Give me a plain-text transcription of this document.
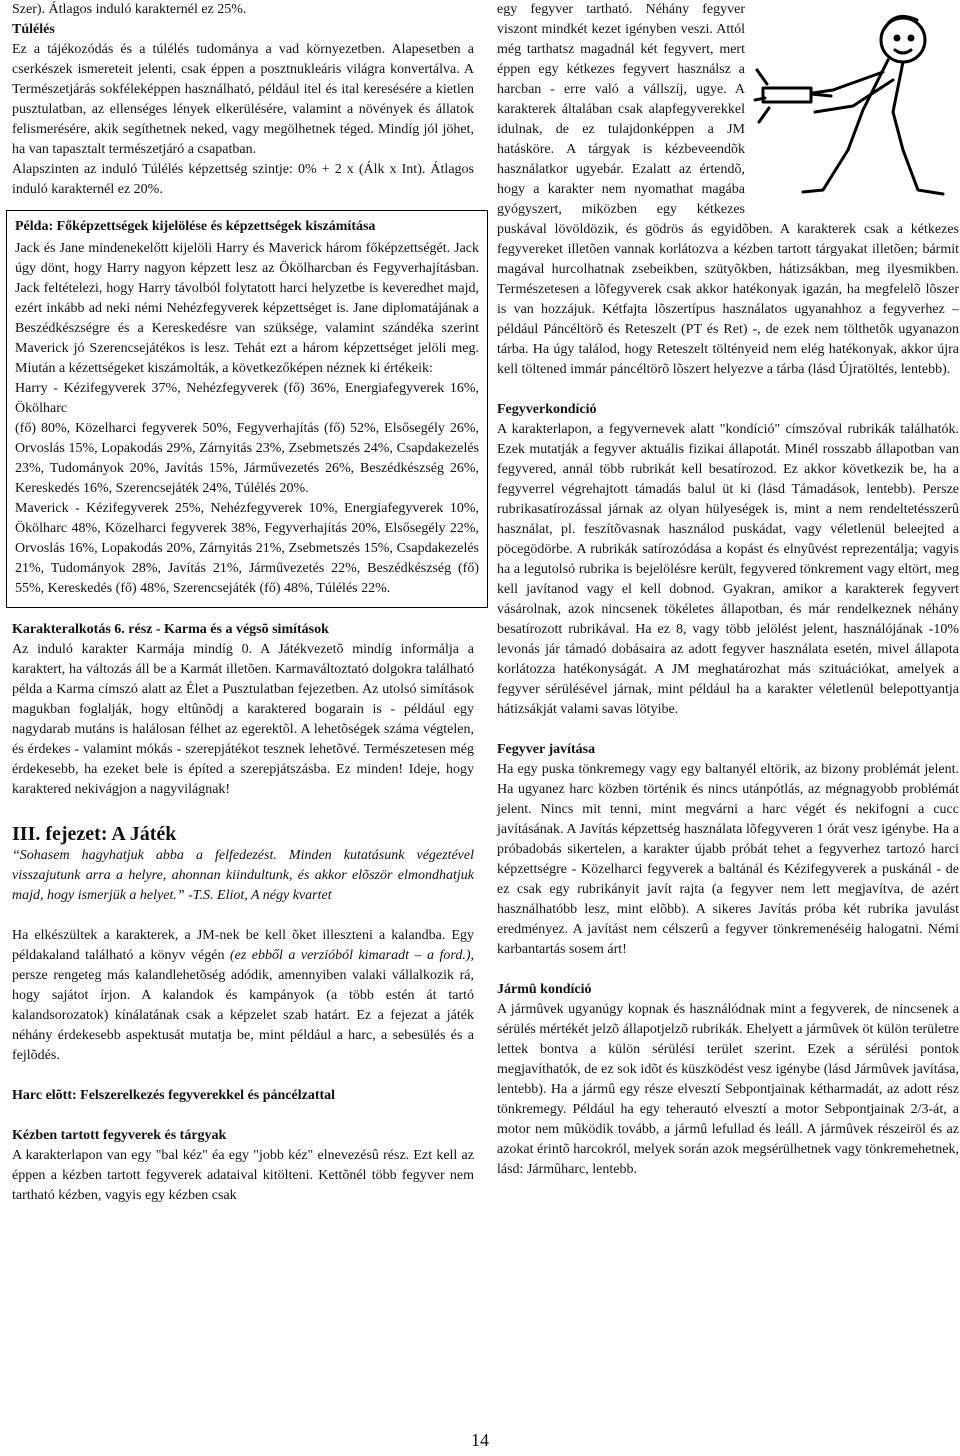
Szer). Átlagos induló karakternél ez 25%.

Túlélés

Ez a tájékozódás és a túlélés tudománya a vad környezetben. Alapesetben a cserkészek ismereteit jelenti, csak éppen a posztnukleáris világra konvertálva. A Természetjárás sokféleképpen használható, például itel és ital keresésére a kietlen pusztulatban, az ellenséges lények elkerülésére, valamint a növények és állatok felismerésére, akik segíthetnek neked, vagy megölhetnek téged. Mindíg jól jöhet, ha van tapasztalt természetjáró a csapatban.

Alapszinten az induló Túlélés képzettség szintje: 0% + 2 x (Álk x Int). Átlagos induló karakternél ez 20%.

Példa: Főképzettségek kijelölése és képzettségek kiszámítása

Jack és Jane mindenekelőtt kijelöli Harry és Maverick három főképzettségét. Jack úgy dönt, hogy Harry nagyon képzett lesz az Ökölharcban és Fegyverhajításban. Jack feltételezi, hogy Harry távolból folytatott harci helyzetbe is keveredhet majd, ezért inkább ad neki némi Nehézfegyverek képzettséget is. Jane diplomatájának a Beszédkészségre és a Kereskedésre van szüksége, valamint szándéka szerint Maverick jó Szerencsejátékos is lesz. Tehát ezt a három képzettséget jelöli meg. Miután a kézettségeket kiszámolták, a következőképen néznek ki értékeik:

Harry - Kézifegyverek 37%, Nehézfegyverek (fő) 36%, Energiafegyverek 16%, Ökölharc

(fő) 80%, Közelharci fegyverek 50%, Fegyverhajítás (fő) 52%, Elsősegély 26%, Orvoslás 15%, Lopakodás 29%, Zárnyitás 23%, Zsebmetszés 24%, Csapdakezelés 23%, Tudományok 20%, Javítás 15%, Járművezetés 26%, Beszédkészség 26%, Kereskedés 16%, Szerencsejáték 24%, Túlélés 20%.

Maverick - Kézifegyverek 25%, Nehézfegyverek 10%, Energiafegyverek 10%, Ökölharc 48%, Közelharci fegyverek 38%, Fegyverhajítás 20%, Elsősegély 22%, Orvoslás 16%, Lopakodás 20%, Zárnyitás 21%, Zsebmetszés 15%, Csapdakezelés 21%, Tudományok 28%, Javítás 21%, Járművezetés 22%, Beszédkészség (fő) 55%, Kereskedés (fő) 48%, Szerencsejáték (fő) 48%, Túlélés 22%.

Karakteralkotás 6. rész - Karma és a végsõ simítások

Az induló karakter Karmája mindíg 0. A Játékvezetõ mindíg informálja a karaktert, ha változás áll be a Karmát illetõen. Karmaváltoztató dolgokra található példa a Karma címszó alatt az Élet a Pusztulatban fejezetben. Az utolsó simítások magukban foglalják, hogy eltûnõdj a karaktered bogarain is - például egy nagydarab mutáns is halálosan félhet az egerektõl. A lehetõségek száma végtelen, és érdekes - valamint mókás - szerepjátékot tesznek lehetõvé. Természetesen még érdekesebb, ha ezeket bele is építed a szerepjátszásba. Ez minden! Ideje, hogy karaktered nekivágjon a nagyvilágnak!

III. fejezet: A Játék

“Sohasem hagyhatjuk abba a felfedezést. Minden kutatásunk végeztével visszajutunk arra a helyre, ahonnan kiindultunk, és akkor elõször elmondhatjuk majd, hogy ismerjük a helyet.” -T.S. Eliot, A négy kvartet

Ha elkészültek a karakterek, a JM-nek be kell õket illeszteni a kalandba. Egy példakaland található a könyv végén (ez ebből a verzióból kimaradt – a ford.), persze rengeteg más kalandlehetõség adódik, amennyiben valaki vállalkozik rá, hogy sajátot írjon. A kalandok és kampányok (a több estén át tartó kalandsorozatok) kínálatának csak a képzelet szab határt. Ez a fejezat a játék néhány érdekesebb aspektusát mutatja be, mint például a harc, a sebesülés és a fejlõdés.

Harc elõtt: Felszerelkezés fegyverekkel és páncélzattal

Kézben tartott fegyverek és tárgyak

A karakterlapon van egy "bal kéz" éa egy "jobb kéz" elnevezésû rész. Ezt kell az éppen a kézben tartott fegyverek adataival kitölteni. Kettõnél több fegyver nem tartható kézben, vagyis egy kézben csak

egy fegyver tartható. Néhány fegyver viszont mindkét kezet igényben veszi. Attól még tarthatsz magadnál két fegyvert, mert éppen egy kétkezes fegyvert használsz a harcban - erre való a vállszíj, ugye. A karakterek általában csak alapfegyverekkel idulnak, de ez tulajdonképpen a JM hatásköre. A tárgyak is kézbeveendõk használatkor ugyebár. Ezalatt az értendõ, hogy a karakter nem nyomathat magába gyógyszert, miközben egy kétkezes puskával lövöldözik, és gödrös ás egyidõben. A karakterek csak a kétkezes fegyvereket illetõen vannak korlátozva a kézben tartott tárgyakat illetõen; bármit magával hurcolhatnak zsebeikben, szütyõkben, hátizsákban, meg ilyesmikben. Természetesen a lõfegyverek csak akkor hatékonyak igazán, ha megfelelõ lõszer is van hozzájuk. Kétfajta lõszertípus használatos ugyanahhoz a fegyverhez – például Páncéltörõ és Reteszelt (PT és Ret) -, de ezek nem tölthetõk ugyanazon tárba. Ha úgy találod, hogy Reteszelt töltényeid nem elég hatékonyak, akkor újra kell töltened immár páncéltörõ lõszert helyezve a tárba (lásd Újratöltés, lentebb).

Fegyverkondíció

A karakterlapon, a fegyvernevek alatt "kondíció" címszóval rubrikák találhatók. Ezek mutatják a fegyver aktuális fizikai állapotát. Minél rosszabb állapotban van fegyvered, annál több rubrikát kell besatírozod. Ez akkor következik be, ha a fegyverrel végrehajtott támadás balul üt ki (lásd Támadások, lentebb). Persze rubrikasatírozással járnak az olyan hülyeségek is, mint a nem rendeltetésszerû használat, pl. feszítõvasnak használod puskádat, vagy véletlenül beleejted a pöcegödörbe. A rubrikák satírozódása a kopást és elnyûvést reprezentálja; vagyis ha a legutolsó rubrika is bejelölésre került, fegyvered tönkrement vagy eltört, meg kell javítanod vagy el kell dobnod. Gyakran, amikor a karakterek fegyvert vásárolnak, azok nincsenek tökéletes állapotban, és már rendelkeznek néhány besatírozott rubrikával. Ha ez 8, vagy több jelölést jelent, használójának -10% levonás jár támadó dobásaira az adott fegyver használata esetén, mivel állapota korlátozza hatékonyságát. A JM meghatározhat más szituációkat, amelyek a fegyver sérülésével járnak, mint például ha a karakter véletlenül belepottyantja hátizsákját valami savas lötyibe.

Fegyver javítása

Ha egy puska tönkremegy vagy egy baltanyél eltörik, az bizony problémát jelent. Ha ugyanez harc közben történik és nincs utánpótlás, az mégnagyobb problémát jelent. Nincs mit tenni, mint megvárni a harc végét és nekifogni a cucc javításának. A Javítás képzettség használata lõfegyveren 1 órát vesz igénybe. Ha a próbadobás sikertelen, a karakter újabb próbát tehet a fegyverhez tartozó harci képzettségre - Közelharci fegyverek a baltánál és Kézifegyverek a puskánál - de ez csak egy rubrikányit javít rajta (a fegyver nem lett megjavítva, de azért használhatóbb lesz, mint elõbb). A sikeres Javítás próba két rubrika javulást eredményez. A javítást nem célszerû a fegyver tönkremenéséig halogatni. Némi karbantartás sosem árt!

Jármû kondíció

A jármûvek ugyanúgy kopnak és használódnak mint a fegyverek, de nincsenek a sérülés mértékét jelzõ állapotjelzõ rubrikák. Ehelyett a jármûvek öt külön területre lettek bontva a külön sérülési terület szerint. Ezek a sérülési pontok megjavíthatók, de ez sok idõt és küszködést vesz igénybe (lásd Jármûvek javítása, lentebb). Ha a jármû egy része elvesztí Sebpontjainak kétharmadát, az adott rész tönkremegy. Például ha egy teherautó elvesztí a motor Sebpontjainak 2/3-át, a motor nem mûködik tovább, a jármû lefullad és leáll. A jármûvek részeiröl és az azokat érintõ harcokról, melyek során azok megsérülhetnek vagy tönkremehetnek, lásd: Jármûharc, lentebb.

14
